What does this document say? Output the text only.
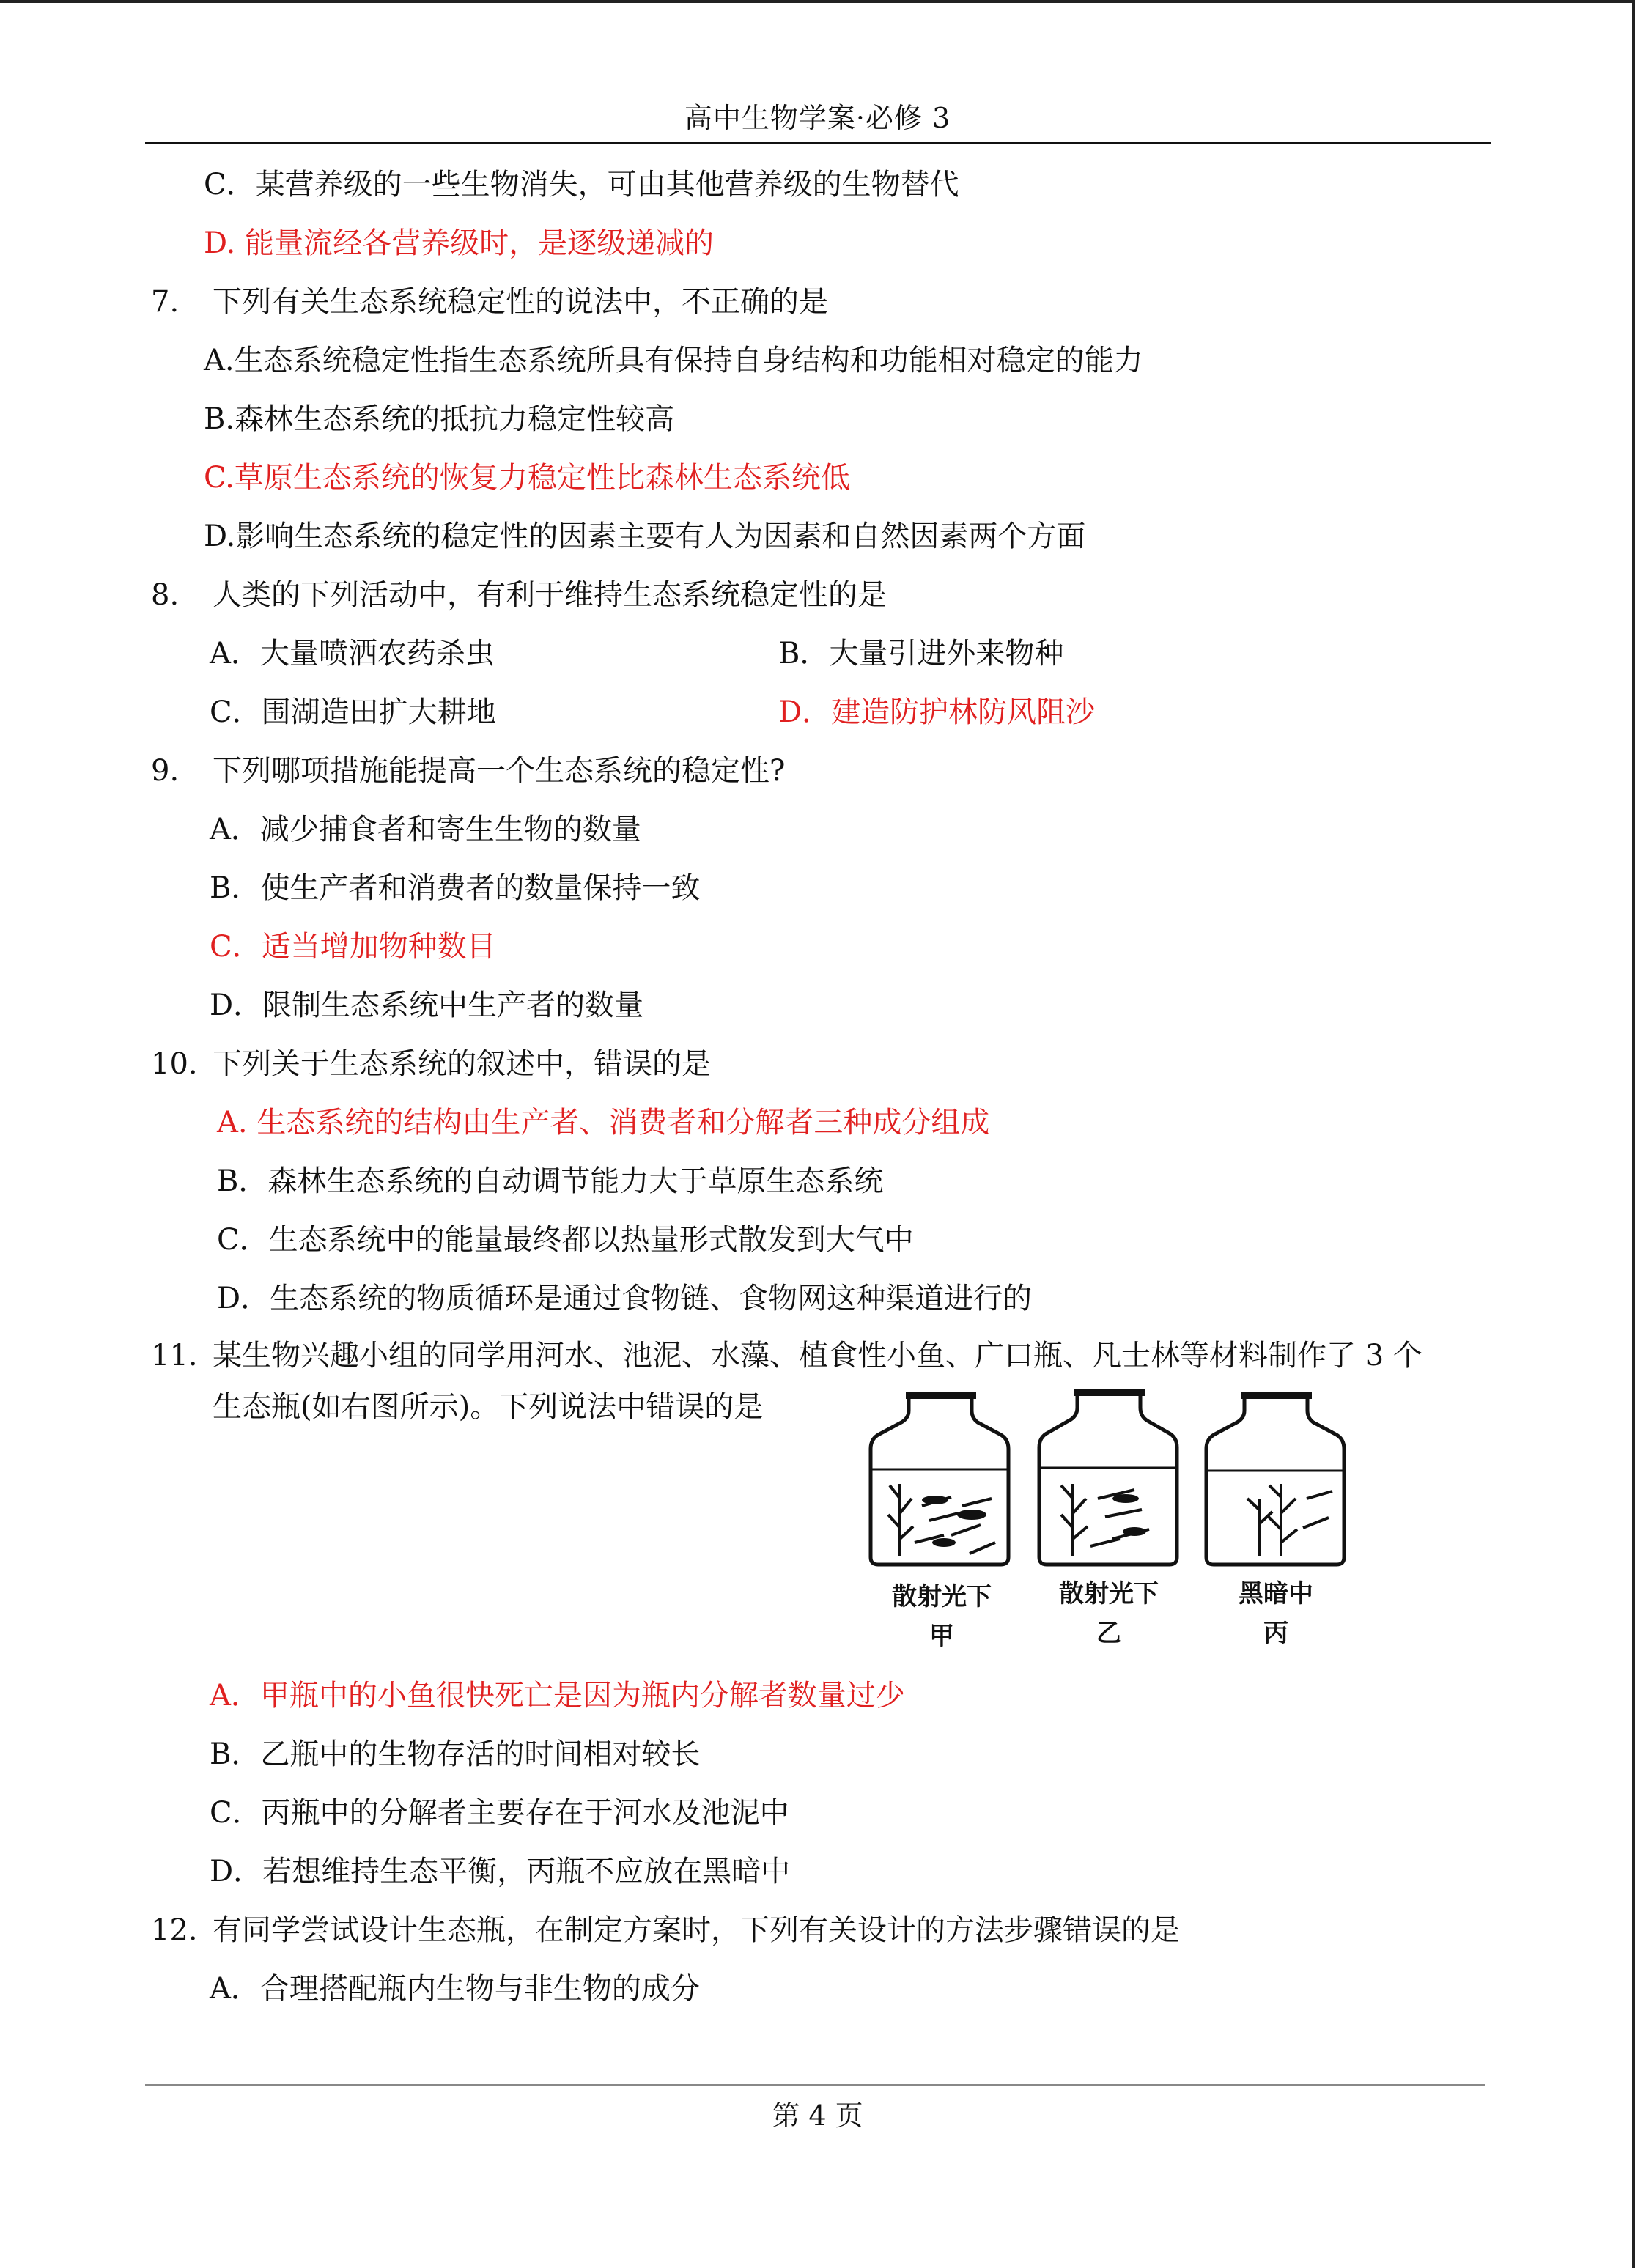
高中生物学案·必修 3
C．某营养级的一些生物消失，可由其他营养级的生物替代
D. 能量流经各营养级时，是逐级递减的
7. 下列有关生态系统稳定性的说法中，不正确的是
A.生态系统稳定性指生态系统所具有保持自身结构和功能相对稳定的能力
B.森林生态系统的抵抗力稳定性较高
C.草原生态系统的恢复力稳定性比森林生态系统低
D.影响生态系统的稳定性的因素主要有人为因素和自然因素两个方面
8. 人类的下列活动中，有利于维持生态系统稳定性的是
A．大量喷洒农药杀虫	B．大量引进外来物种
C．围湖造田扩大耕地	D．建造防护林防风阻沙
9. 下列哪项措施能提高一个生态系统的稳定性?
A．减少捕食者和寄生生物的数量
B．使生产者和消费者的数量保持一致
C．适当增加物种数目
D．限制生态系统中生产者的数量
10. 下列关于生态系统的叙述中，错误的是
A. 生态系统的结构由生产者、消费者和分解者三种成分组成
B．森林生态系统的自动调节能力大于草原生态系统
C．生态系统中的能量最终都以热量形式散发到大气中
D．生态系统的物质循环是通过食物链、食物网这种渠道进行的
11. 某生物兴趣小组的同学用河水、池泥、水藻、植食性小鱼、广口瓶、凡士林等材料制作了 3 个
生态瓶(如右图所示)。下列说法中错误的是
散射光下
甲
散射光下
乙
黑暗中
丙
A．甲瓶中的小鱼很快死亡是因为瓶内分解者数量过少
B．乙瓶中的生物存活的时间相对较长
C．丙瓶中的分解者主要存在于河水及池泥中
D．若想维持生态平衡，丙瓶不应放在黑暗中
12. 有同学尝试设计生态瓶，在制定方案时，下列有关设计的方法步骤错误的是
A．合理搭配瓶内生物与非生物的成分
第 4 页
